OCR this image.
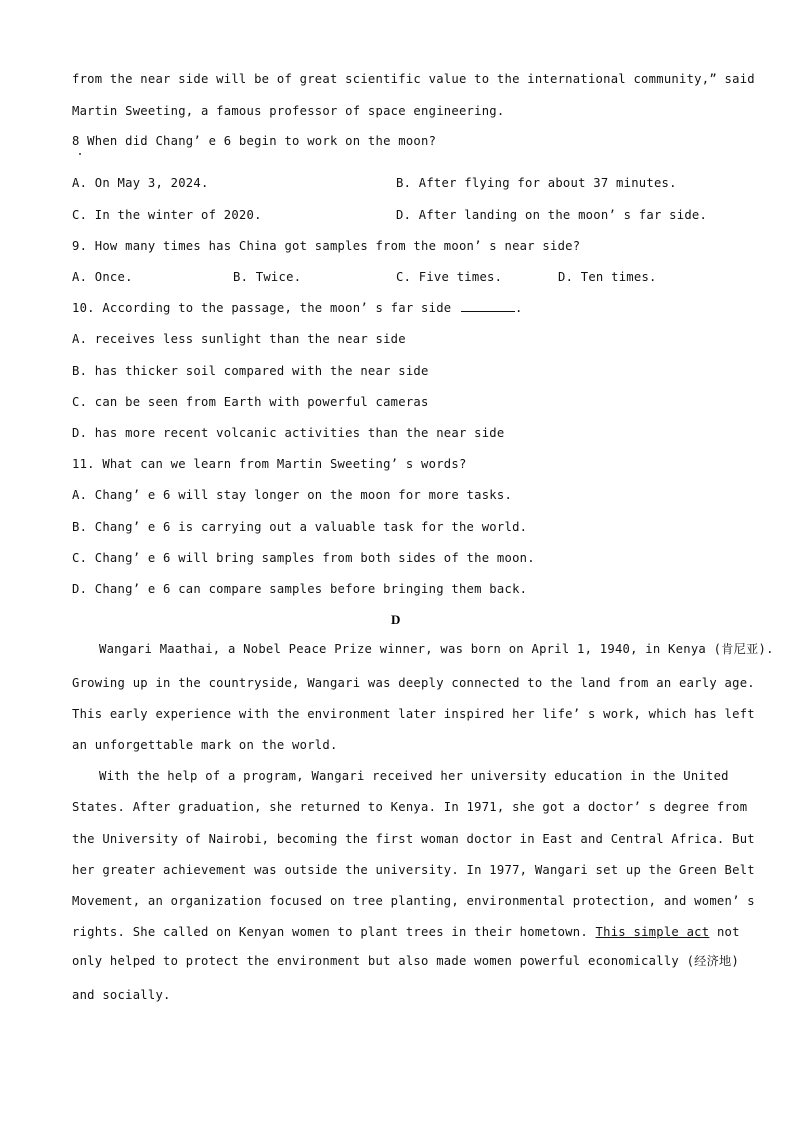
from the near side will be of great scientific value to the international community,” said
Martin Sweeting, a famous professor of space engineering.
8 When did Chang’ e 6 begin to work on the moon?
A. On May 3, 2024.	B. After flying for about 37 minutes.
C. In the winter of 2020.	D. After landing on the moon’ s far side.
9. How many times has China got samples from the moon’ s near side?
A. Once.	B. Twice.	C. Five times.	D. Ten times.
10. According to the passage, the moon’ s far side	.
A. receives less sunlight than the near side
B. has thicker soil compared with the near side
C. can be seen from Earth with powerful cameras
D. has more recent volcanic activities than the near side
11. What can we learn from Martin Sweeting’ s words?
A. Chang’ e 6 will stay longer on the moon for more tasks.
B. Chang’ e 6 is carrying out a valuable task for the world.
C. Chang’ e 6 will bring samples from both sides of the moon.
D. Chang’ e 6 can compare samples before bringing them back.
D
Wangari Maathai, a Nobel Peace Prize winner, was born on April 1, 1940, in Kenya (肯尼亚).
Growing up in the countryside, Wangari was deeply connected to the land from an early age.
This early experience with the environment later inspired her life’ s work, which has left
an unforgettable mark on the world.
With the help of a program, Wangari received her university education in the United
States. After graduation, she returned to Kenya. In 1971, she got a doctor’ s degree from
the University of Nairobi, becoming the first woman doctor in East and Central Africa. But
her greater achievement was outside the university. In 1977, Wangari set up the Green Belt
Movement, an organization focused on tree planting, environmental protection, and women’ s
rights. She called on Kenyan women to plant trees in their hometown. This simple act not
only helped to protect the environment but also made women powerful economically (经济地)
and socially.
